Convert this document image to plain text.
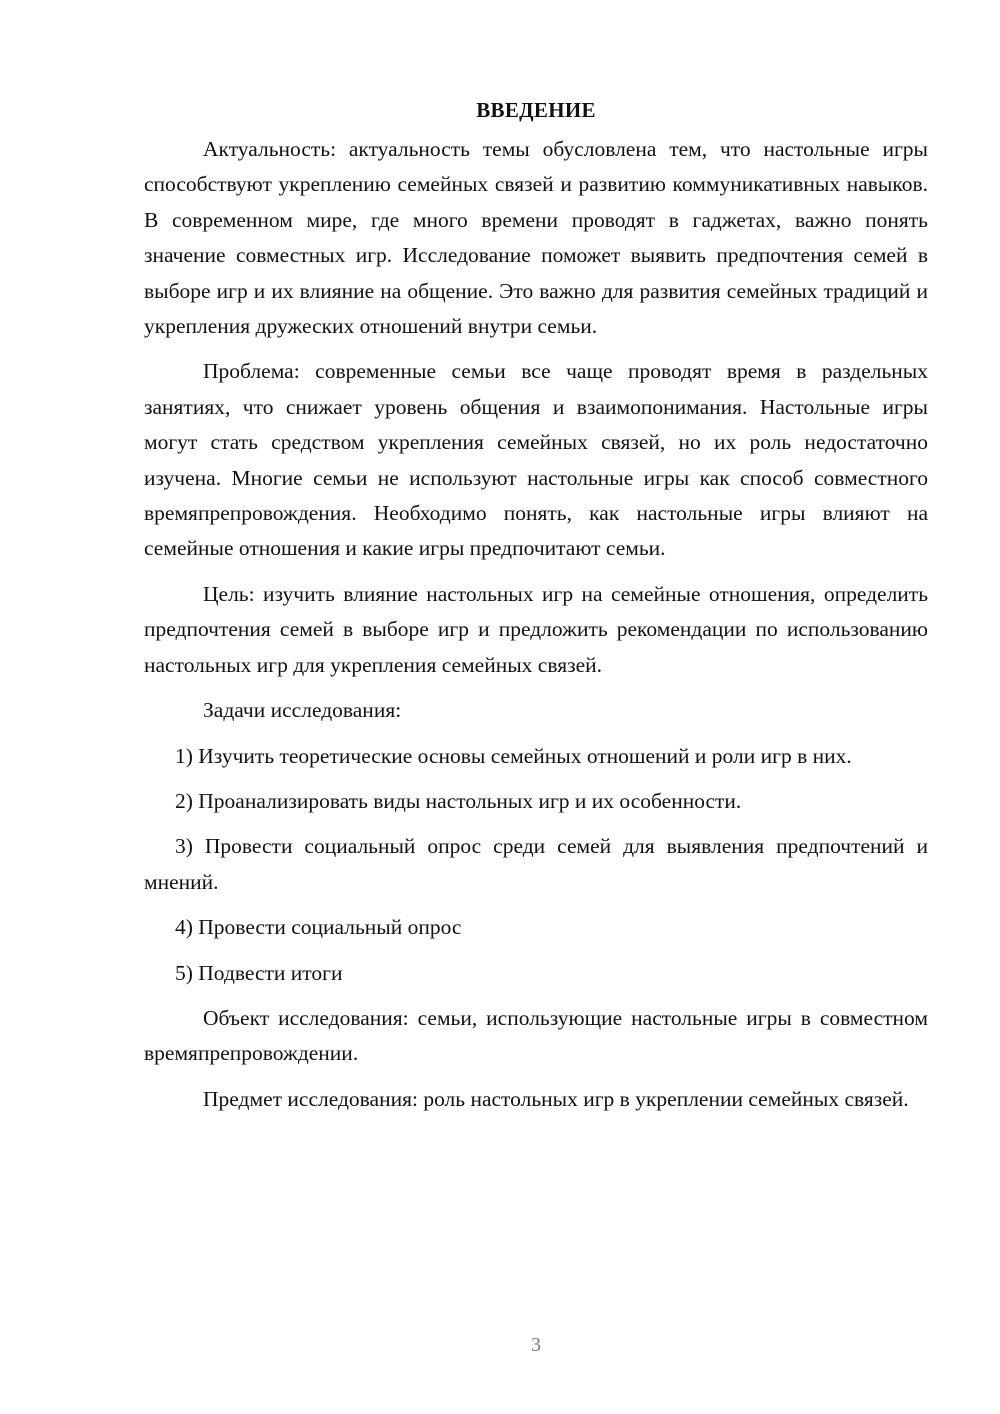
ВВЕДЕНИЕ

Актуальность: актуальность темы обусловлена тем, что настольные игры способствуют укреплению семейных связей и развитию коммуникативных навыков. В современном мире, где много времени проводят в гаджетах, важно понять значение совместных игр. Исследование поможет выявить предпочтения семей в выборе игр и их влияние на общение. Это важно для развития семейных традиций и укрепления дружеских отношений внутри семьи.

Проблема: современные семьи все чаще проводят время в раздельных занятиях, что снижает уровень общения и взаимопонимания. Настольные игры могут стать средством укрепления семейных связей, но их роль недостаточно изучена. Многие семьи не используют настольные игры как способ совместного времяпрепровождения. Необходимо понять, как настольные игры влияют на семейные отношения и какие игры предпочитают семьи.

Цель: изучить влияние настольных игр на семейные отношения, определить предпочтения семей в выборе игр и предложить рекомендации по использованию настольных игр для укрепления семейных связей.

Задачи исследования:

1) Изучить теоретические основы семейных отношений и роли игр в них.

2) Проанализировать виды настольных игр и их особенности.

3) Провести социальный опрос среди семей для выявления предпочтений и мнений.

4) Провести социальный опрос

5) Подвести итоги

Объект исследования: семьи, использующие настольные игры в совместном времяпрепровождении.

Предмет исследования: роль настольных игр в укреплении семейных связей.

3
